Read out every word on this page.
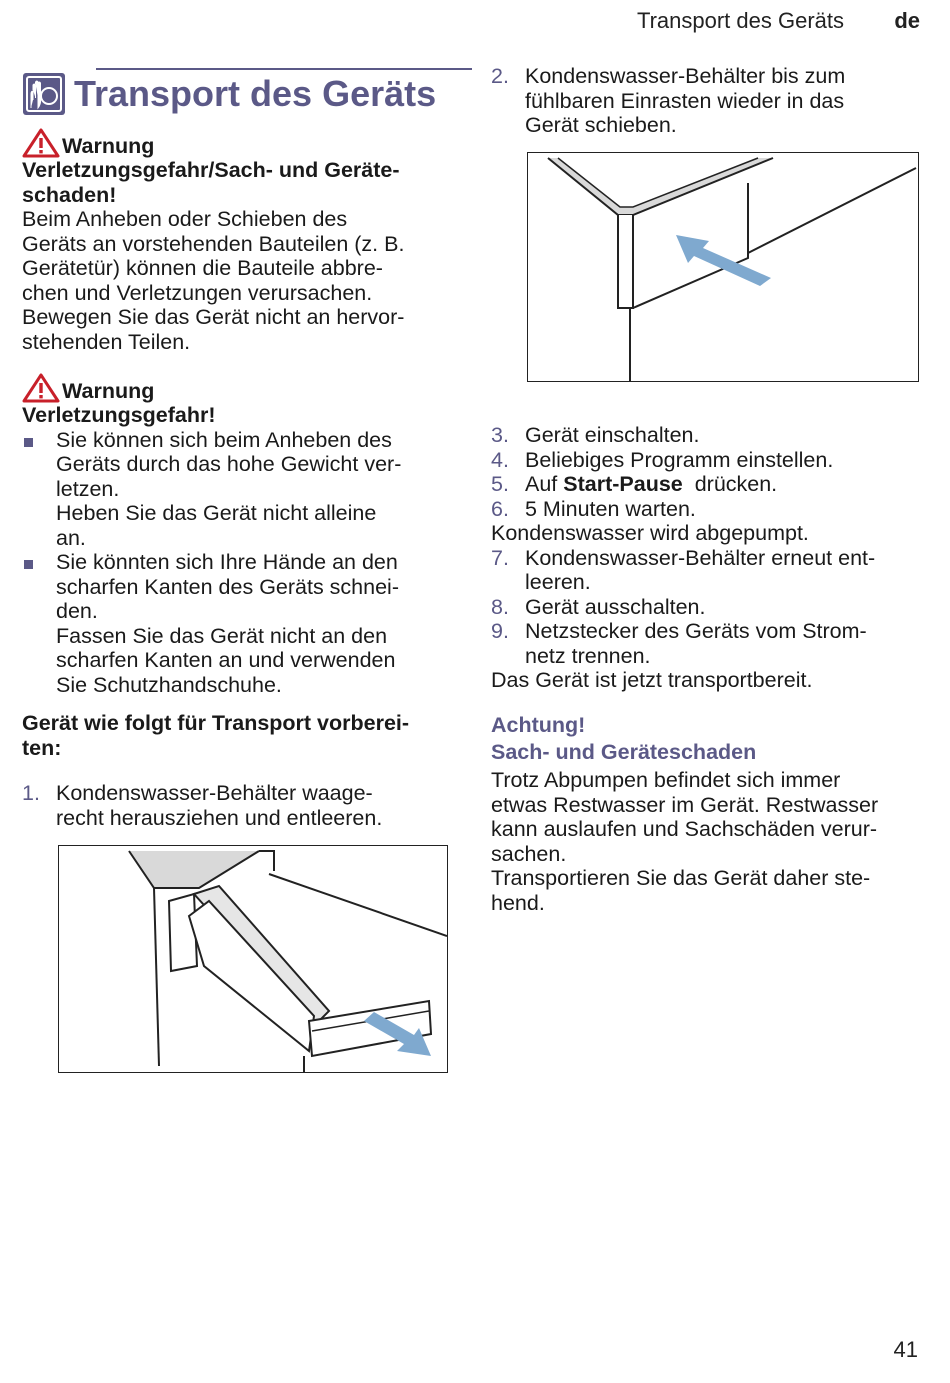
Transport des Geräts de
Transport des Geräts
Warnung

Verletzungsgefahr/Sach- und Geräte-

schaden!

Beim Anheben oder Schieben des

Geräts an vorstehenden Bauteilen (z. B.

Gerätetür) können die Bauteile abbre-

chen und Verletzungen verursachen.

Bewegen Sie das Gerät nicht an hervor-

stehenden Teilen.

Warnung

Verletzungsgefahr!

Sie können sich beim Anheben des

Geräts durch das hohe Gewicht ver-

letzen.

Heben Sie das Gerät nicht alleine

an.

Sie könnten sich Ihre Hände an den

scharfen Kanten des Geräts schnei-

den.

Fassen Sie das Gerät nicht an den

scharfen Kanten an und verwenden

Sie Schutzhandschuhe.

Gerät wie folgt für Transport vorberei-

ten:

1. Kondenswasser-Behälter waage-

recht herausziehen und entleeren.

2. Kondenswasser-Behälter bis zum

fühlbaren Einrasten wieder in das

Gerät schieben.

3. Gerät einschalten.

4. Beliebiges Programm einstellen.

5. Auf Start-Pause  drücken.

6. 5 Minuten warten.

Kondenswasser wird abgepumpt.

7. Kondenswasser-Behälter erneut ent-

leeren.

8. Gerät ausschalten.

9. Netzstecker des Geräts vom Strom-

netz trennen.

Das Gerät ist jetzt transportbereit.

Achtung!

Sach- und Geräteschaden

Trotz Abpumpen befindet sich immer

etwas Restwasser im Gerät. Restwasser

kann auslaufen und Sachschäden verur-

sachen.

Transportieren Sie das Gerät daher ste-

hend.

41
